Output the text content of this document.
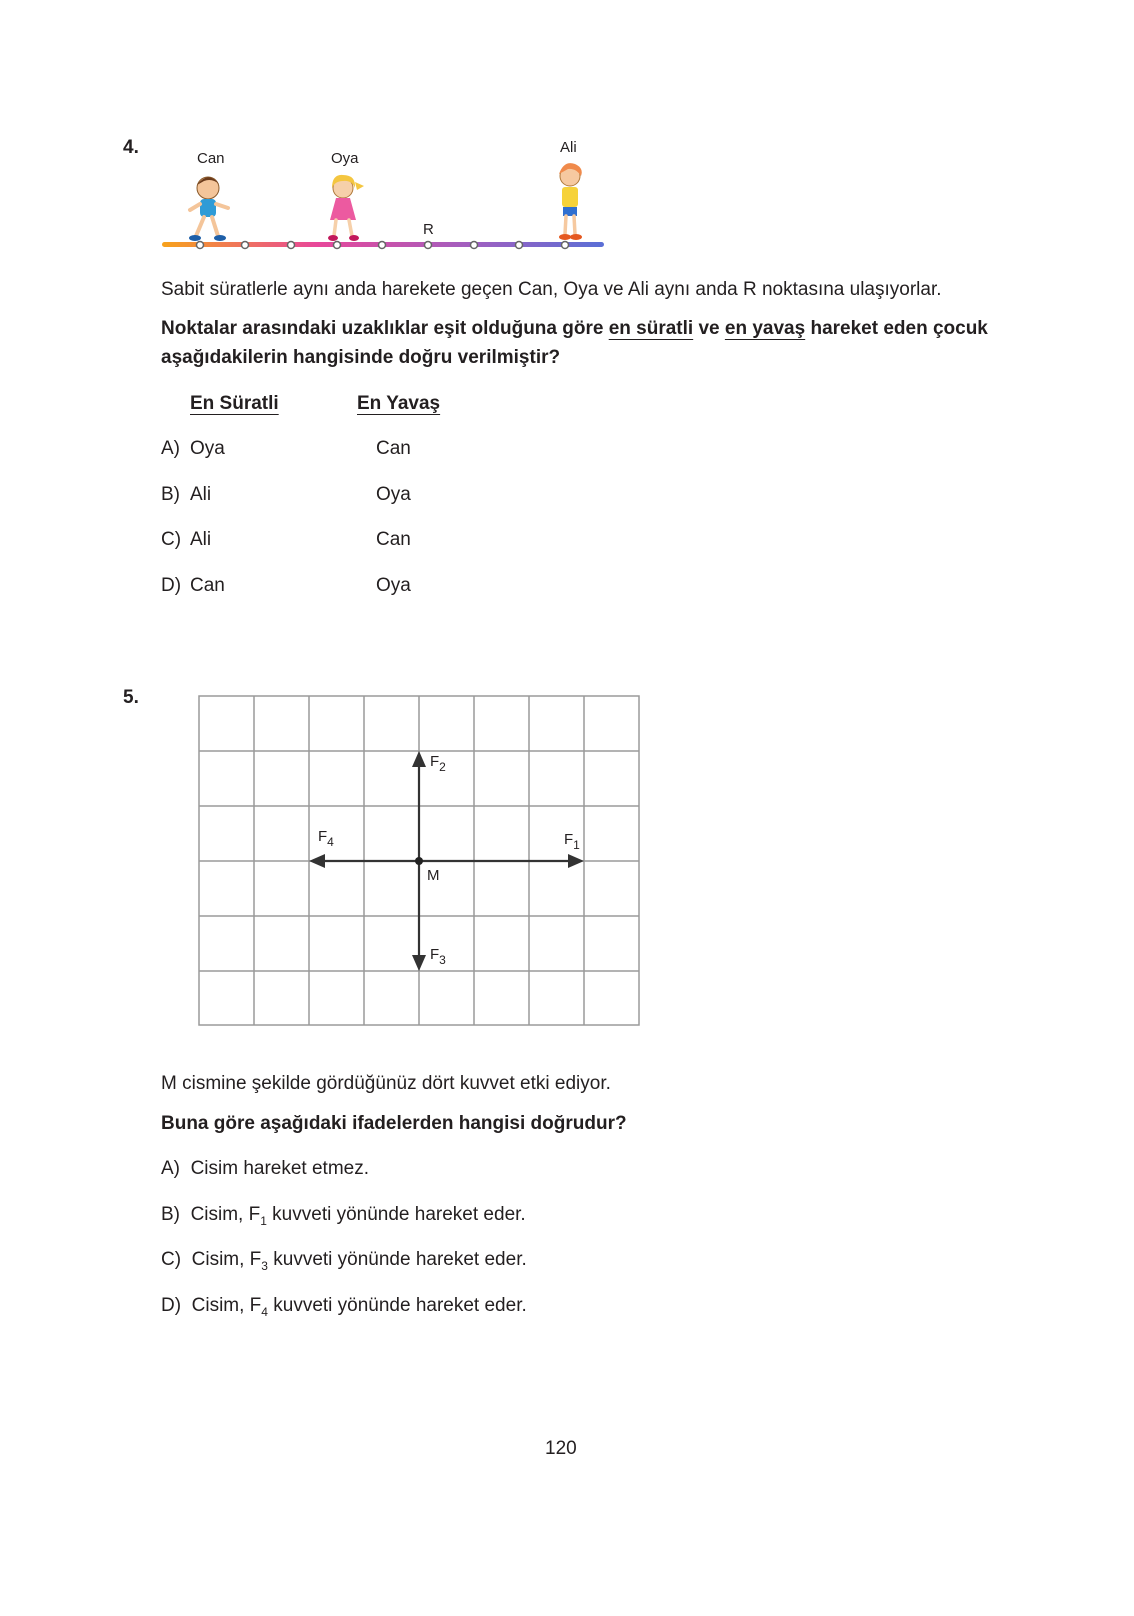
4.
Can	Oya
Ali
R
Sabit süratlerle aynı anda harekete geçen Can, Oya ve Ali aynı anda R noktasına ulaşıyorlar.
Noktalar arasındaki uzaklıklar eşit olduğuna göre en süratli ve en yavaş hareket eden çocuk
aşağıdakilerin hangisinde doğru verilmiştir?
En Süratli	En Yavaş
A) Oya	Can
B) Ali	Oya
C) Ali	Can
D) Can	Oya
5.
$F_2$
$F_4$	$F_1$
M
$F_3$
M cismine şekilde gördüğünüz dört kuvvet etki ediyor.
Buna göre aşağıdaki ifadelerden hangisi doğrudur?
A) Cisim hareket etmez.
B) Cisim, $F_1$ kuvveti yönünde hareket eder.
C) Cisim, $F_3$ kuvveti yönünde hareket eder.
D) Cisim, $F_4$ kuvveti yönünde hareket eder.
120
